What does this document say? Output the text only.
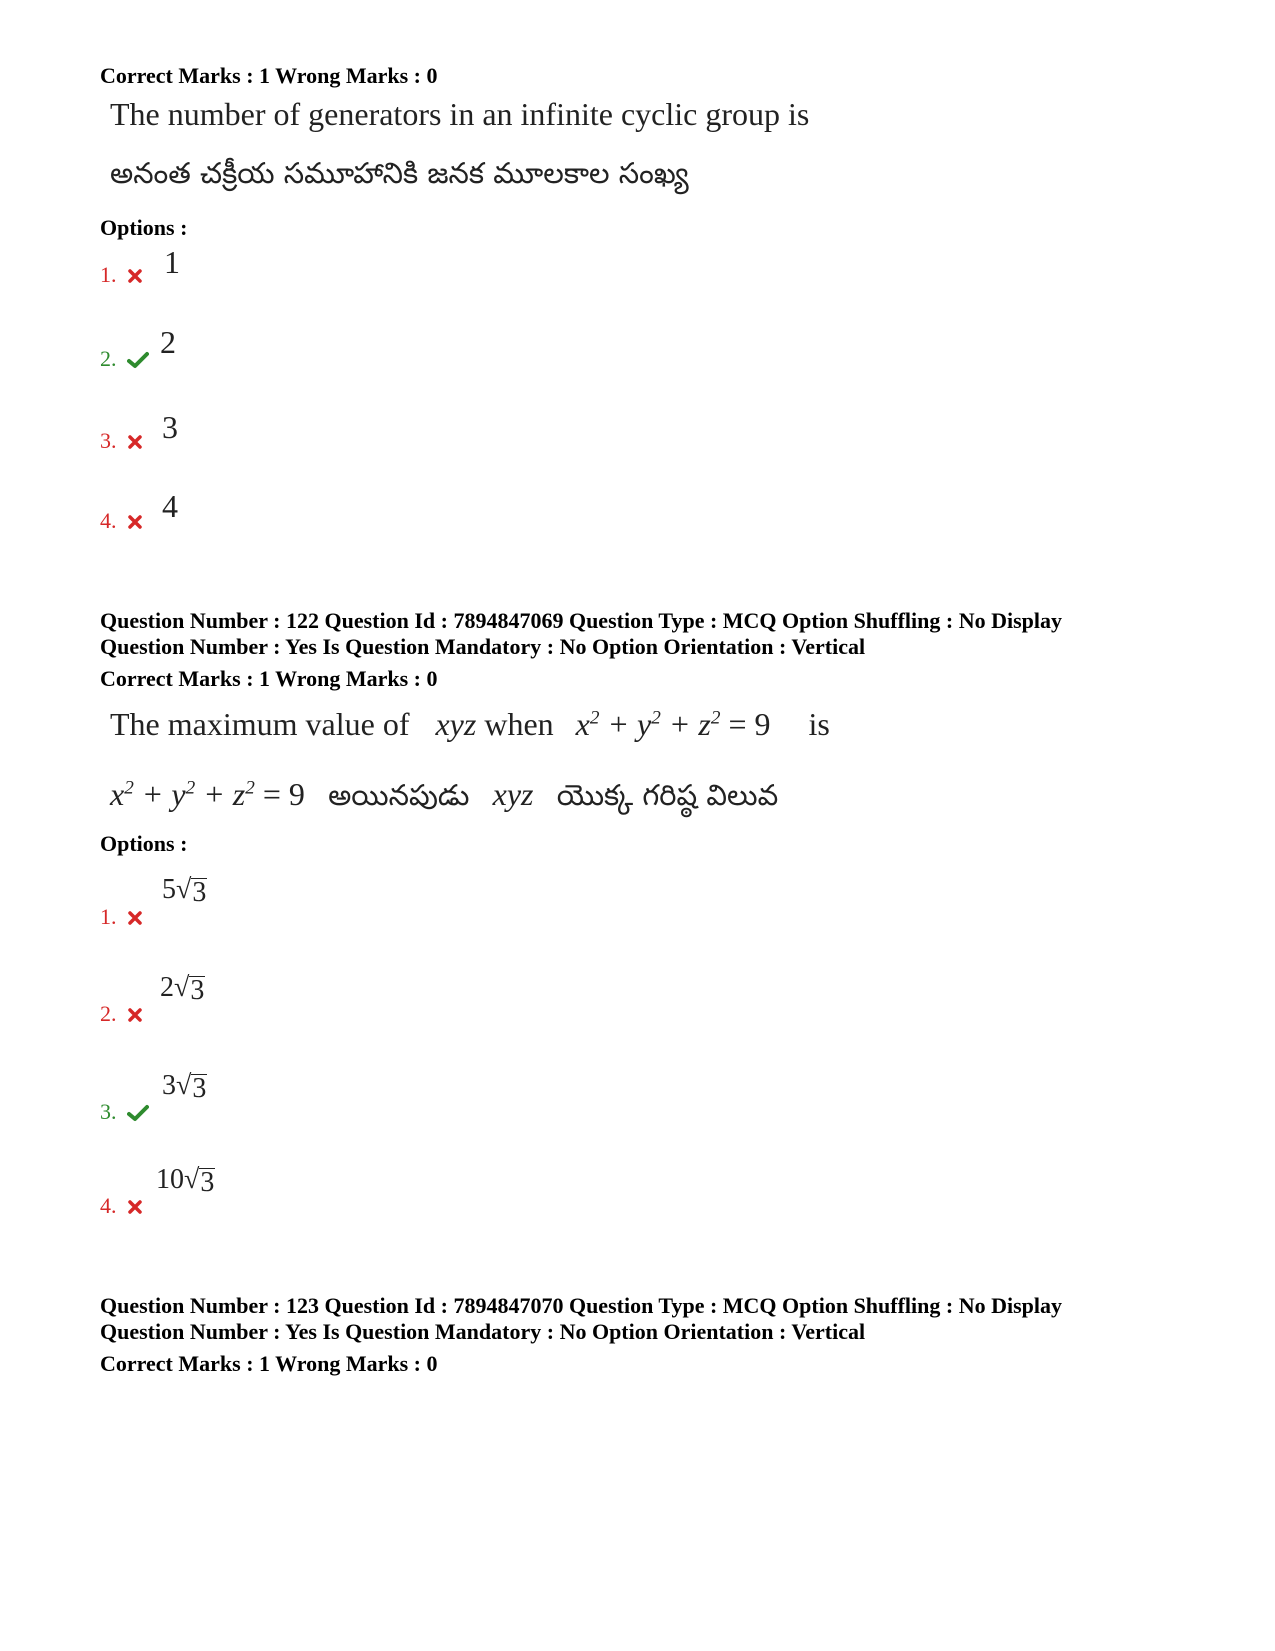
Correct Marks : 1 Wrong Marks : 0
The number of generators in an infinite cyclic group is
అనంత చక్రీయ సమూహానికి జనక మూలకాల సంఖ్య
Options :
1.	1
2.	2
3.	3
4.	4
Question Number : 122 Question Id : 7894847069 Question Type : MCQ Option Shuffling : No Display
Question Number : Yes Is Question Mandatory : No Option Orientation : Vertical
Correct Marks : 1 Wrong Marks : 0
The maximum value of xyz when $x^2 + y^2 + z^2 = 9$ is
$x^2 + y^2 + z^2 = 9$ అయినపుడు xyz యొక్క గరిష్ఠ విలువ
Options :
1.
5 √ 3
2.
2 √ 3
3.
3 √ 3
4.
10 √ 3
Question Number : 123 Question Id : 7894847070 Question Type : MCQ Option Shuffling : No Display
Question Number : Yes Is Question Mandatory : No Option Orientation : Vertical
Correct Marks : 1 Wrong Marks : 0
